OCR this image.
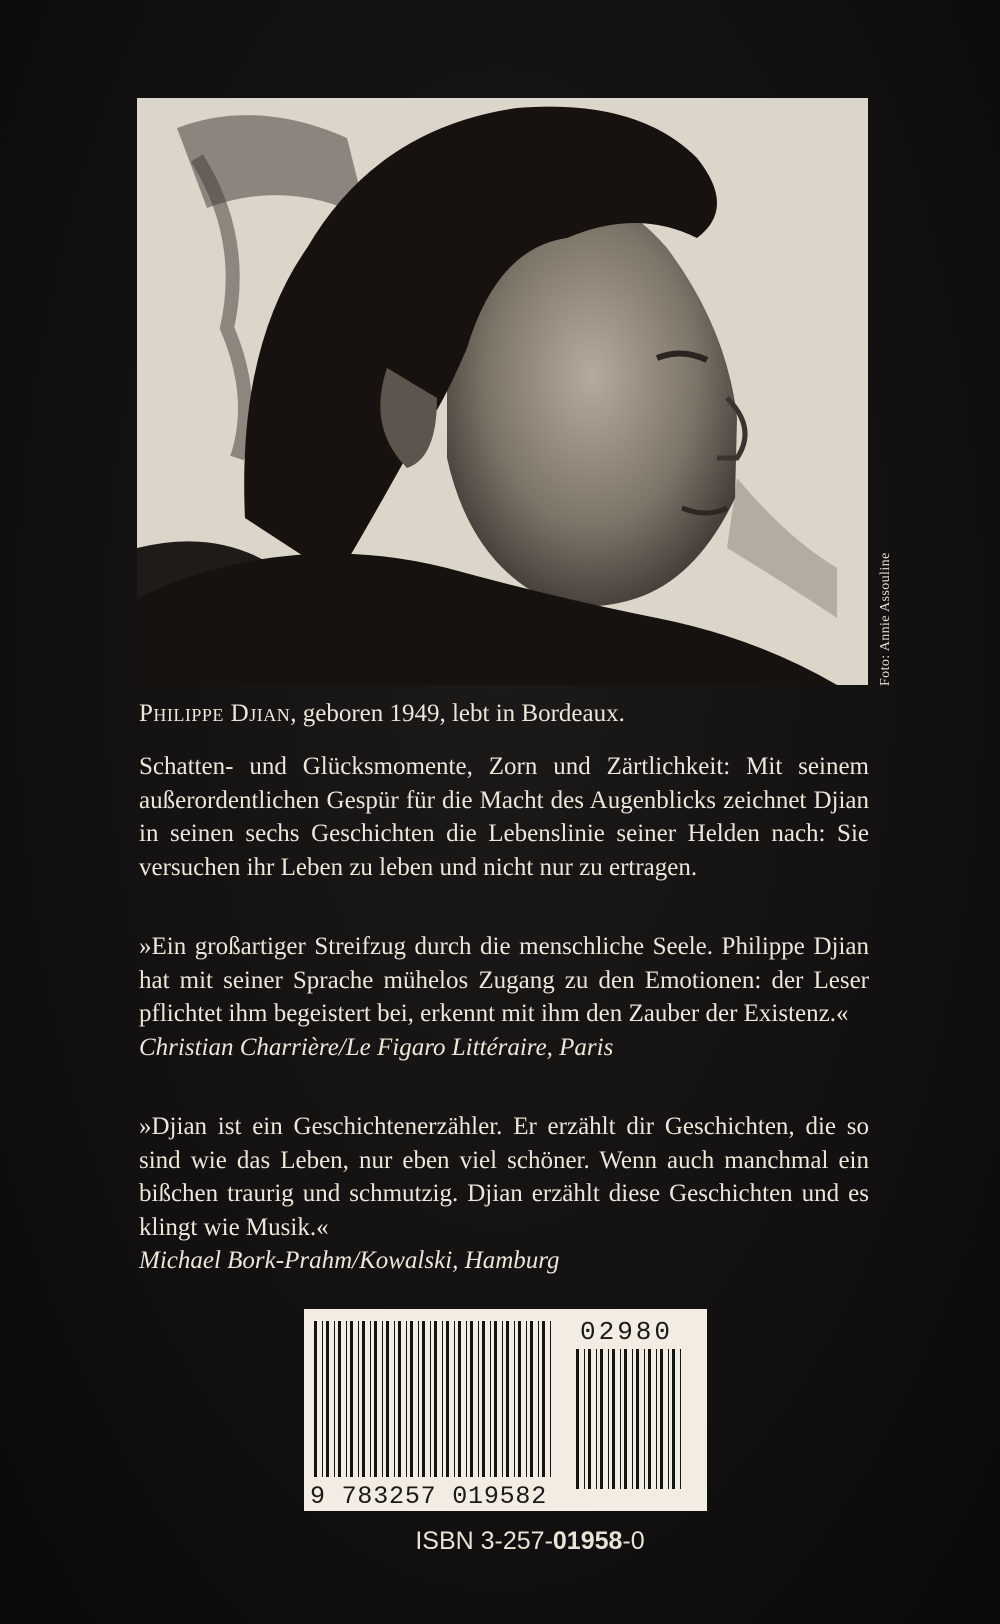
Foto: Annie Assouline
Philippe Djian, geboren 1949, lebt in Bordeaux.
Schatten- und Glücksmomente, Zorn und Zärtlichkeit: Mit seinem außerordentlichen Gespür für die Macht des Augenblicks zeichnet Djian in seinen sechs Geschichten die Lebenslinie seiner Helden nach: Sie versuchen ihr Leben zu leben und nicht nur zu ertragen.
»Ein großartiger Streifzug durch die menschliche Seele. Philippe Djian hat mit seiner Sprache mühelos Zugang zu den Emotionen: der Leser pflichtet ihm begeistert bei, erkennt mit ihm den Zauber der Existenz.«
Christian Charrière/Le Figaro Littéraire, Paris
»Djian ist ein Geschichtenerzähler. Er erzählt dir Geschichten, die so sind wie das Leben, nur eben viel schöner. Wenn auch manchmal ein bißchen traurig und schmutzig. Djian erzählt diese Geschichten und es klingt wie Musik.«
Michael Bork-Prahm/Kowalski, Hamburg
02980
9 783257 019582
ISBN 3-257-01958-0
